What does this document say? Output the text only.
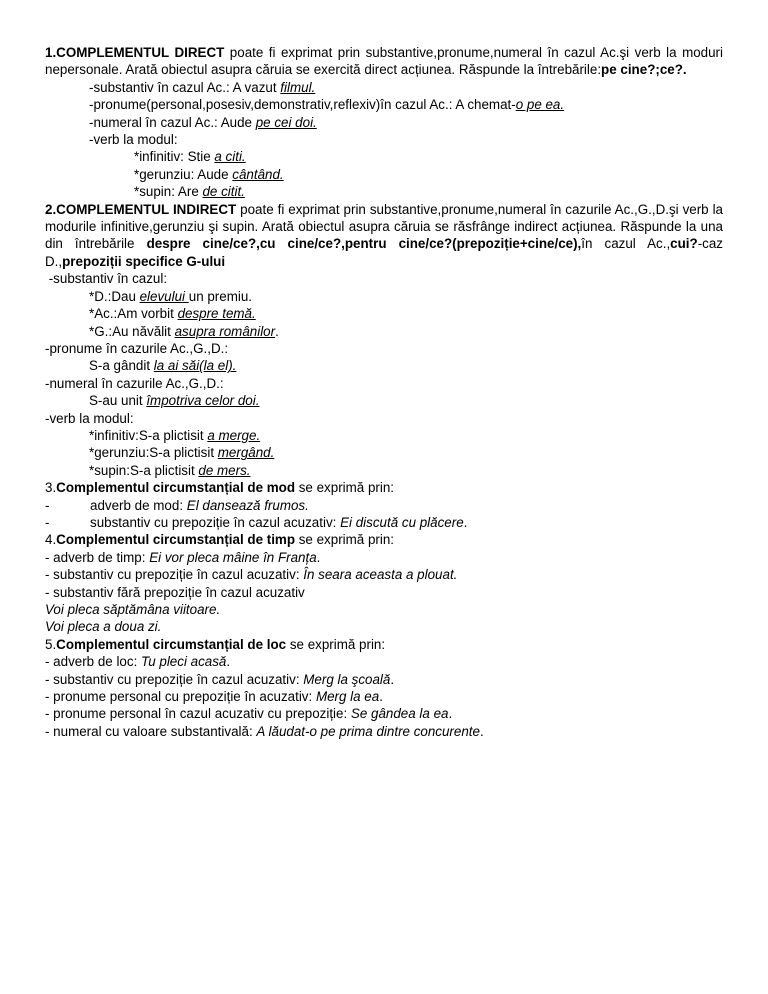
1.COMPLEMENTUL DIRECT poate fi exprimat prin substantive,pronume,numeral în cazul Ac.şi verb la moduri nepersonale. Arată obiectul asupra căruia se exercită direct acțiunea. Răspunde la întrebările:pe cine?;ce?.
-substantiv în cazul Ac.: A vazut filmul.
-pronume(personal,posesiv,demonstrativ,reflexiv)în cazul Ac.: A chemat-o pe ea.
-numeral în cazul Ac.: Aude pe cei doi.
-verb la modul:
*infinitiv: Stie a citi.
*gerunziu: Aude cântând.
*supin: Are de citit.
2.COMPLEMENTUL INDIRECT poate fi exprimat prin substantive,pronume,numeral în cazurile Ac.,G.,D.şi verb la modurile infinitive,gerunziu şi supin. Arată obiectul asupra căruia se răsfrânge indirect acțiunea. Răspunde la una din întrebările despre cine/ce?,cu cine/ce?,pentru cine/ce?(prepoziție+cine/ce),în cazul Ac.,cui?-caz D.,prepoziții specifice G-ului
-substantiv în cazul:
*D.:Dau elevului un premiu.
*Ac.:Am vorbit despre temă.
*G.:Au năvălit asupra românilor.
-pronume în cazurile Ac.,G.,D.:
S-a gândit la ai săi(la el).
-numeral în cazurile Ac.,G.,D.:
S-au unit împotriva celor doi.
-verb la modul:
*infinitiv:S-a plictisit a merge.
*gerunziu:S-a plictisit mergând.
*supin:S-a plictisit de mers.
3.Complementul circumstanțial de mod se exprimă prin:
-	adverb de mod: El dansează frumos.
-	substantiv cu prepoziție în cazul acuzativ: Ei discută cu plăcere.
4.Complementul circumstanțial de timp se exprimă prin:
- adverb de timp: Ei vor pleca mâine în Franța.
- substantiv cu prepoziție în cazul acuzativ: În seara aceasta a plouat.
- substantiv fără prepoziție în cazul acuzativ
Voi pleca săptămâna viitoare.
Voi pleca a doua zi.
5.Complementul circumstanțial de loc se exprimă prin:
- adverb de loc: Tu pleci acasă.
- substantiv cu prepoziție în cazul acuzativ: Merg la şcoală.
- pronume personal cu prepoziție în acuzativ: Merg la ea.
- pronume personal în cazul acuzativ cu prepoziție: Se gândea la ea.
- numeral cu valoare substantivală: A lăudat-o pe prima dintre concurente.
